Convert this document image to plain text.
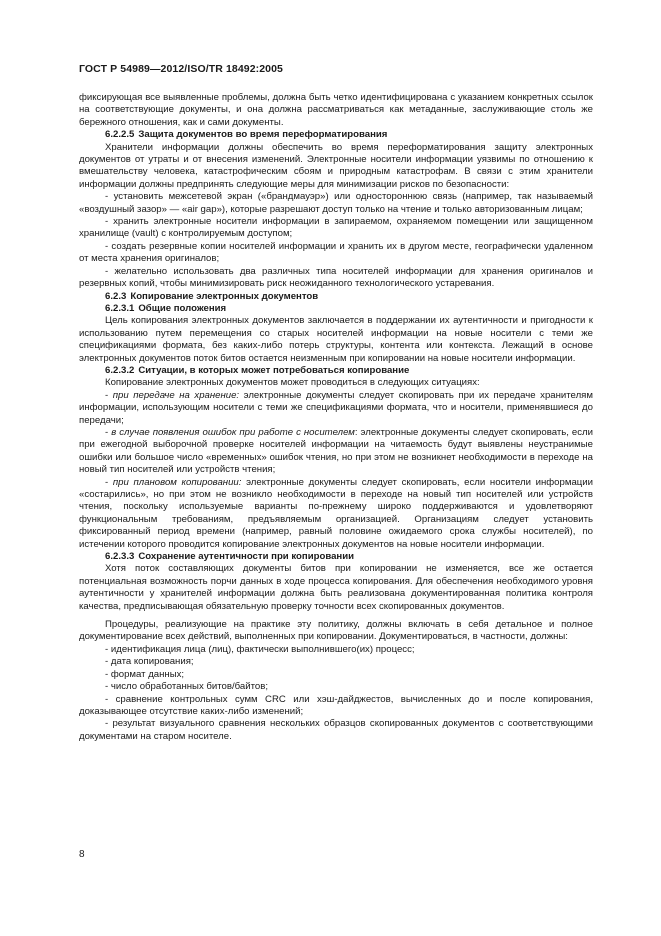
ГОСТ Р 54989—2012/ISO/TR 18492:2005

фиксирующая все выявленные проблемы, должна быть четко идентифицирована с указанием конкретных ссылок на соответствующие документы, и она должна рассматриваться как метаданные, заслуживающие столь же бережного отношения, как и сами документы.

6.2.2.5 Защита документов во время переформатирования

Хранители информации должны обеспечить во время переформатирования защиту электронных документов от утраты и от внесения изменений. Электронные носители информации уязвимы по отношению к вмешательству человека, катастрофическим сбоям и природным катастрофам. В связи с этим хранители информации должны предпринять следующие меры для минимизации рисков по безопасности:

- установить межсетевой экран («брандмауэр») или одностороннюю связь (например, так называемый «воздушный зазор» — «air gap»), которые разрешают доступ только на чтение и только авторизованным лицам;

- хранить электронные носители информации в запираемом, охраняемом помещении или защищенном хранилище (vault) с контролируемым доступом;

- создать резервные копии носителей информации и хранить их в другом месте, географически удаленном от места хранения оригиналов;

- желательно использовать два различных типа носителей информации для хранения оригиналов и резервных копий, чтобы минимизировать риск неожиданного технологического устаревания.

6.2.3 Копирование электронных документов

6.2.3.1 Общие положения

Цель копирования электронных документов заключается в поддержании их аутентичности и пригодности к использованию путем перемещения со старых носителей информации на новые носители с теми же спецификациями формата, без каких-либо потерь структуры, контента или контекста. Лежащий в основе электронных документов поток битов остается неизменным при копировании на новые носители информации.

6.2.3.2 Ситуации, в которых может потребоваться копирование

Копирование электронных документов может проводиться в следующих ситуациях:

- при передаче на хранение: электронные документы следует скопировать при их передаче хранителям информации, использующим носители с теми же спецификациями формата, что и носители, применявшиеся до передачи;

- в случае появления ошибок при работе с носителем: электронные документы следует скопировать, если при ежегодной выборочной проверке носителей информации на читаемость будут выявлены неустранимые ошибки или большое число «временных» ошибок чтения, но при этом не возникнет необходимости в переходе на новый тип носителей или устройств чтения;

- при плановом копировании: электронные документы следует скопировать, если носители информации «состарились», но при этом не возникло необходимости в переходе на новый тип носителей или устройств чтения, поскольку используемые варианты по-прежнему широко поддерживаются и удовлетворяют функциональным требованиям, предъявляемым организацией. Организациям следует установить фиксированный период времени (например, равный половине ожидаемого срока службы носителей), по истечении которого проводится копирование электронных документов на новые носители информации.

6.2.3.3 Сохранение аутентичности при копировании

Хотя поток составляющих документы битов при копировании не изменяется, все же остается потенциальная возможность порчи данных в ходе процесса копирования. Для обеспечения необходимого уровня аутентичности у хранителей информации должна быть реализована документированная политика контроля качества, предписывающая обязательную проверку точности всех скопированных документов.

Процедуры, реализующие на практике эту политику, должны включать в себя детальное и полное документирование всех действий, выполненных при копировании. Документироваться, в частности, должны:

- идентификация лица (лиц), фактически выполнившего(их) процесс;

- дата копирования;

- формат данных;

- число обработанных битов/байтов;

- сравнение контрольных сумм CRC или хэш-дайджестов, вычисленных до и после копирования, доказывающее отсутствие каких-либо изменений;

- результат визуального сравнения нескольких образцов скопированных документов с соответствующими документами на старом носителе.

8
